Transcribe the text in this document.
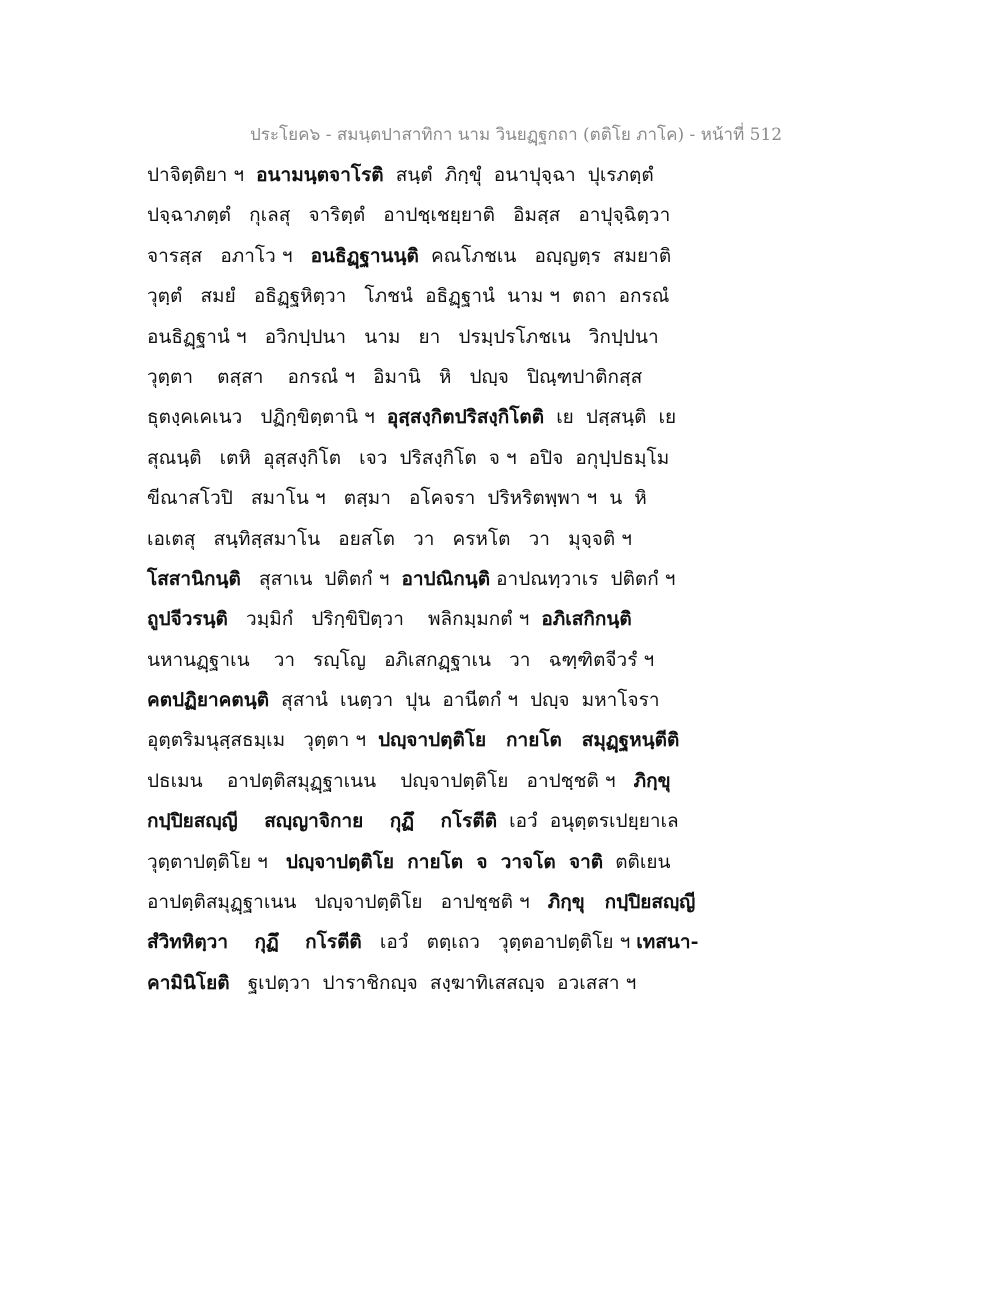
ประโยค๖ - สมนฺตปาสาทิกา นาม วินยฏฺฐกถา (ตติโย ภาโค) - หน้าที่ 512
ปาจิตฺติยา ฯ  อนามนฺตจาโรติ  สนฺตํ  ภิกฺขุํ  อนาปุจฺฉา  ปุเรภตฺตํ
ปจฺฉาภตฺตํ   กุเลสุ   จาริตฺตํ   อาปชฺเชยฺยาติ   อิมสฺส   อาปุจฺฉิตฺวา
จารสฺส   อภาโว ฯ   อนธิฏฺฐานนฺติ  คณโภชเน   อญฺญตฺร  สมยาติ
วุตฺตํ   สมยํ   อธิฏฺฐหิตฺวา   โภชนํ  อธิฏฺฐานํ  นาม ฯ  ตถา  อกรณํ
อนธิฏฺฐานํ ฯ   อวิกปฺปนา   นาม   ยา   ปรมฺปรโภชเน   วิกปฺปนา
วุตฺตา    ตสฺสา    อกรณํ ฯ   อิมานิ   หิ   ปญฺจ   ปิณฺฑปาติกสฺส
ธุตงฺคเคเนว   ปฏิกฺขิตฺตานิ ฯ  อุสฺสงฺกิตปริสงฺกิโตติ  เย  ปสฺสนฺติ  เย
สุณนฺติ   เตหิ  อุสฺสงฺกิโต   เจว  ปริสงฺกิโต  จ ฯ  อปิจ  อกุปฺปธมฺโม
ขีณาสโวปิ   สมาโน ฯ   ตสฺมา   อโคจรา  ปริหริตพฺพา ฯ  น  หิ
เอเตสุ   สนฺทิสฺสมาโน   อยสโต   วา   ครหโต   วา   มุจฺจติ ฯ
โสสานิกนฺติ   สุสาเน  ปติตกํ ฯ  อาปณิกนฺติ อาปณทฺวาเร  ปติตกํ ฯ
ถูปจีวรนฺติ   วมฺมิกํ   ปริกฺขิปิตฺวา    พลิกมฺมกตํ ฯ  อภิเสกิกนฺติ
นหานฏฺฐาเน    วา   รญฺโญ   อภิเสกฏฺฐาเน   วา   ฉฑฺฑิตจีวรํ ฯ
คตปฏิยาคตนฺติ  สุสานํ  เนตฺวา  ปุน  อานีตกํ ฯ  ปญฺจ  มหาโจรา
อุตฺตริมนุสฺสธมฺเม   วุตฺตา ฯ  ปญฺจาปตฺติโย   กายโต   สมุฏฺฐหนฺตีติ
ปธเมน    อาปตฺติสมุฏฺฐาเนน    ปญฺจาปตฺติโย   อาปชฺชติ ฯ   ภิกฺขุ
กปฺปิยสญฺญี    สญฺญาจิกาย    กุฏึ    กโรตีติ  เอวํ  อนุตฺตรเปยฺยาเล
วุตฺตาปตฺติโย ฯ   ปญฺจาปตฺติโย  กายโต  จ  วาจโต  จาติ  ตติเยน
อาปตฺติสมุฏฺฐาเนน   ปญฺจาปตฺติโย   อาปชฺชติ ฯ   ภิกฺขุ   กปฺปิยสญฺญี
สํวิทหิตฺวา    กุฏึ    กโรตีติ   เอวํ   ตตฺเถว   วุตฺตอาปตฺติโย ฯ เทสนา-
คามินิโยติ   ฐเปตฺวา  ปาราชิกญฺจ  สงฺฆาทิเสสญฺจ  อวเสสา ฯ
